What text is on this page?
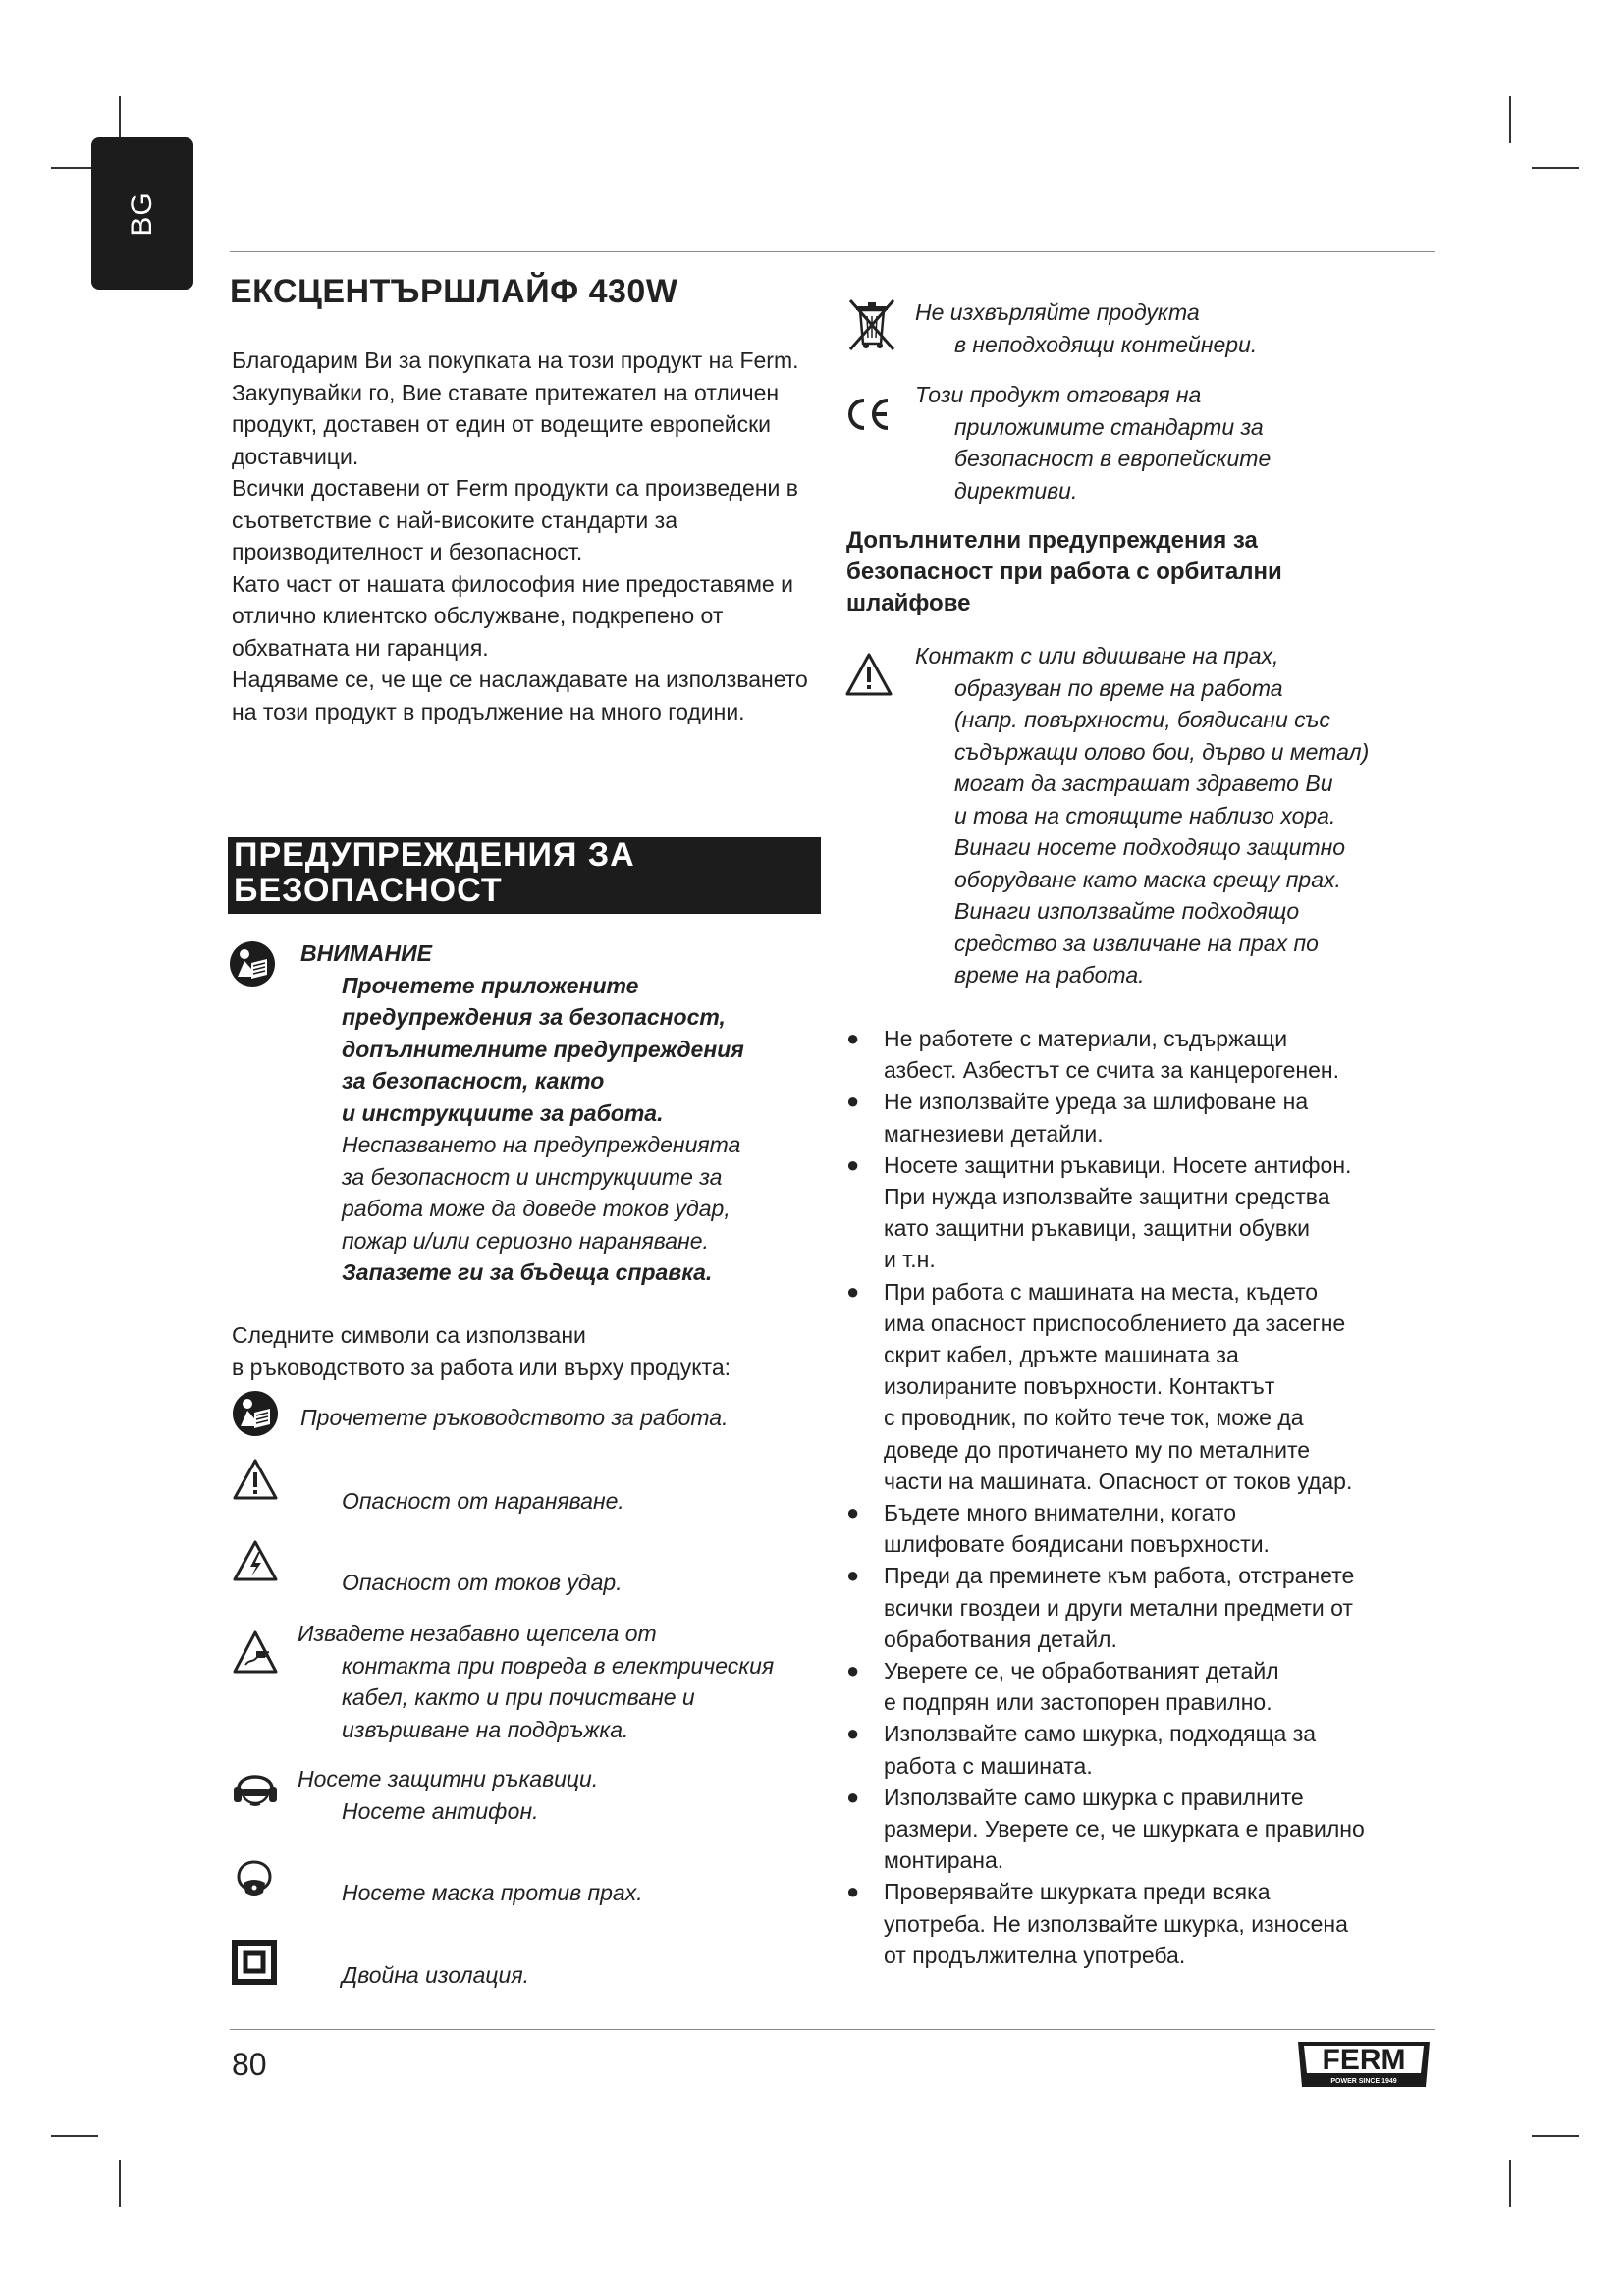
BG
ЕКСЦЕНТЪРШЛАЙФ 430W

Благодарим Ви за покупката на този продукт на Ferm.

Закупувайки го, Вие ставате притежател на отличен продукт, доставен от един от водещите европейски доставчици.

Всички доставени от Ferm продукти са произведени в съответствие с най-високите стандарти за производителност и безопасност.

Като част от нашата философия ние предоставяме и отлично клиентско обслужване, подкрепено от обхватната ни гаранция.

Надяваме се, че ще се наслаждавате на използването на този продукт в продължение на много години.

ПРЕДУПРЕЖДЕНИЯ ЗА
БЕЗОПАСНОСТ
ВНИМАНИЕ
Прочетете приложените
предупреждения за безопасност,
допълнителните предупреждения
за безопасност, както
и инструкциите за работа.
Неспазването на предупрежденията
за безопасност и инструкциите за
работа може да доведе токов удар,
пожар и/или сериозно нараняване.
Запазете ги за бъдеща справка.

Следните символи са използвани

в ръководството за работа или върху продукта:

Прочетете ръководството за работа.

Опасност от нараняване.

Опасност от токов удар.

Извадете незабавно щепсела от
контакта при повреда в електрическия
кабел, както и при почистване и
извършване на поддръжка.
Носете защитни ръкавици.
Носете антифон.

Носете маска против прах.

Двойна изолация.

Не изхвърляйте продукта
в неподходящи контейнери.
Този продукт отговаря на
приложимите стандарти за
безопасност в европейските
директиви.
Допълнителни предупреждения за
безопасност при работа с орбитални
шлайфове
Контакт с или вдишване на прах,
образуван по време на работа
(напр. повърхности, боядисани със
съдържащи олово бои, дърво и метал)
могат да застрашат здравето Ви
и това на стоящите наблизо хора.
Винаги носете подходящо защитно
оборудване като маска срещу прах.
Винаги използвайте подходящо
средство за извличане на прах по
време на работа.
● Не работете с материали, съдържащи
азбест. Азбестът се счита за канцерогенен.
● Не използвайте уреда за шлифоване на
магнезиеви детайли.
● Носете защитни ръкавици. Носете антифон.
При нужда използвайте защитни средства
като защитни ръкавици, защитни обувки
и т.н.
● При работа с машината на места, където
има опасност приспособлението да засегне
скрит кабел, дръжте машината за
изолираните повърхности. Контактът
с проводник, по който тече ток, може да
доведе до протичането му по металните
части на машината. Опасност от токов удар.
● Бъдете много внимателни, когато
шлифовате боядисани повърхности.
● Преди да преминете към работа, отстранете
всички гвоздеи и други метални предмети от
обработвания детайл.
● Уверете се, че обработваният детайл
е подпрян или застопорен правилно.
● Използвайте само шкурка, подходяща за
работа с машината.
● Използвайте само шкурка с правилните
размери. Уверете се, че шкурката е правилно
монтирана.
● Проверявайте шкурката преди всяка
употреба. Не използвайте шкурка, износена
от продължителна употреба.
80	FERM
POWER SINCE 1949
